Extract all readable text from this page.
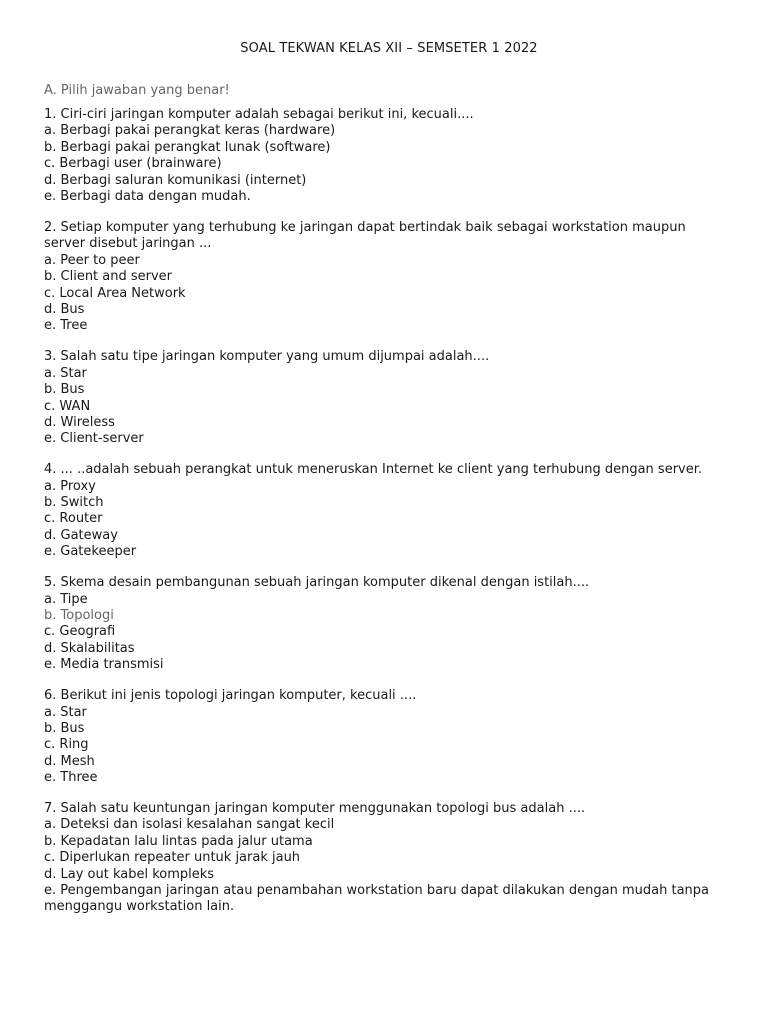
SOAL TEKWAN KELAS XII – SEMSETER 1 2022
A. Pilih jawaban yang benar!
1. Ciri-ciri jaringan komputer adalah sebagai berikut ini, kecuali....
a. Berbagi pakai perangkat keras (hardware)
b. Berbagi pakai perangkat lunak (software)
c. Berbagi user (brainware)
d. Berbagi saluran komunikasi (internet)
e. Berbagi data dengan mudah.
2. Setiap komputer yang terhubung ke jaringan dapat bertindak baik sebagai workstation maupun server disebut jaringan ...
a. Peer to peer
b. Client and server
c. Local Area Network
d. Bus
e. Tree
3. Salah satu tipe jaringan komputer yang umum dijumpai adalah....
a. Star
b. Bus
c. WAN
d. Wireless
e. Client-server
4. ... ..adalah sebuah perangkat untuk meneruskan Internet ke client yang terhubung dengan server.
a. Proxy
b. Switch
c. Router
d. Gateway
e. Gatekeeper
5. Skema desain pembangunan sebuah jaringan komputer dikenal dengan istilah....
a. Tipe
b. Topologi
c. Geografi
d. Skalabilitas
e. Media transmisi
6. Berikut ini jenis topologi jaringan komputer, kecuali ....
a. Star
b. Bus
c. Ring
d. Mesh
e. Three
7. Salah satu keuntungan jaringan komputer menggunakan topologi bus adalah ....
a. Deteksi dan isolasi kesalahan sangat kecil
b. Kepadatan lalu lintas pada jalur utama
c. Diperlukan repeater untuk jarak jauh
d. Lay out kabel kompleks
e. Pengembangan jaringan atau penambahan workstation baru dapat dilakukan dengan mudah tanpa menggangu workstation lain.
